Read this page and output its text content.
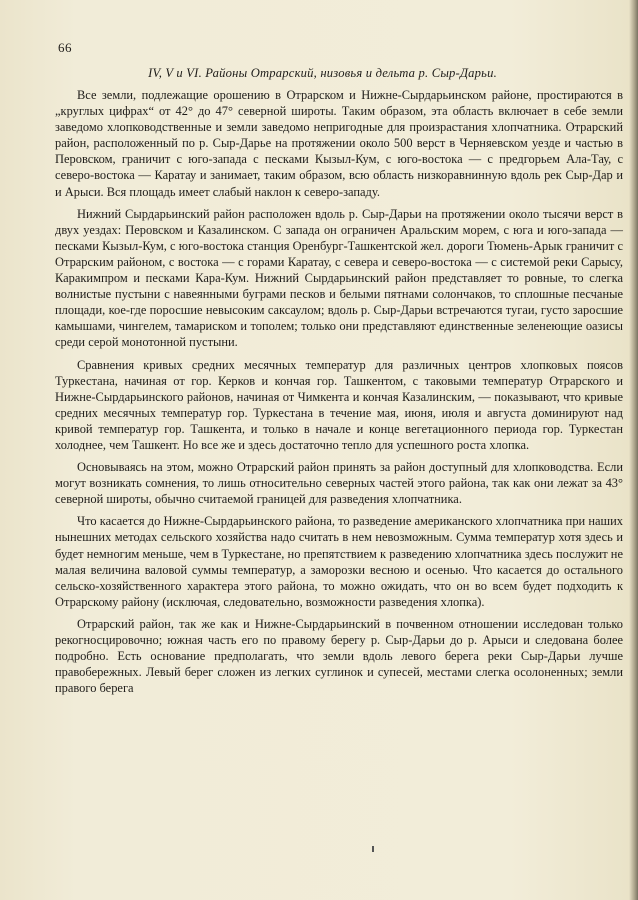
66
IV, V и VI. Районы Отрарский, низовья и дельта р. Сыр-Дарьи.

Все земли, подлежащие орошению в Отрарском и Нижне-Сырдарьинском районе, простираются в „круглых цифрах“ от 42° до 47° северной широты. Таким образом, эта область включает в себе земли заведомо хлопководственные и земли заведомо непригодные для произрастания хлопчатника. Отрарский район, расположенный по р. Сыр-Дарье на протяжении около 500 верст в Черняевском уезде и частью в Перовском, граничит с юго-запада с песками Кызыл-Кум, с юго-востока — с предгорьем Ала-Тау, с северо-востока — Каратау и занимает, таким образом, всю область низкоравнинную вдоль рек Сыр-Дар и и Арыси. Вся площадь имеет слабый наклон к северо-западу.

Нижний Сырдарьинский район расположен вдоль р. Сыр-Дарьи на протяжении около тысячи верст в двух уездах: Перовском и Казалинском. С запада он ограничен Аральским морем, с юга и юго-запада — песками Кызыл-Кум, с юго-востока станция Оренбург-Ташкентской жел. дороги Тюмень-Арык граничит с Отрарским районом, с востока — с горами Каратау, с севера и северо-востока — с системой реки Сарысу, Каракимпром и песками Кара-Кум. Нижний Сырдарьинский район представляет то ровные, то слегка волнистые пустыни с навеянными буграми песков и белыми пятнами солончаков, то сплошные песчаные площади, кое-где поросшие невысоким саксаулом; вдоль р. Сыр-Дарьи встречаются тугаи, густо заросшие камышами, чингелем, тамариском и тополем; только они представляют единственные зеленеющие оазисы среди серой монотонной пустыни.

Сравнения кривых средних месячных температур для различных центров хлопковых поясов Туркестана, начиная от гор. Керков и кончая гор. Ташкентом, с таковыми температур Отрарского и Нижне-Сырдарьинского районов, начиная от Чимкента и кончая Казалинским, — показывают, что кривые средних месячных температур гор. Туркестана в течение мая, июня, июля и августа доминируют над кривой температур гор. Ташкента, и только в начале и конце вегетационного периода гор. Туркестан холоднее, чем Ташкент. Но все же и здесь достаточно тепло для успешного роста хлопка.

Основываясь на этом, можно Отрарский район принять за район доступный для хлопководства. Если могут возникать сомнения, то лишь относительно северных частей этого района, так как они лежат за 43° северной широты, обычно считаемой границей для разведения хлопчатника.

Что касается до Нижне-Сырдарьинского района, то разведение американского хлопчатника при наших нынешних методах сельского хозяйства надо считать в нем невозможным. Сумма температур хотя здесь и будет немногим меньше, чем в Туркестане, но препятствием к разведению хлопчатника здесь послужит не малая величина валовой суммы температур, а заморозки весною и осенью. Что касается до остального сельско-хозяйственного характера этого района, то можно ожидать, что он во всем будет подходить к Отрарскому району (исключая, следовательно, возможности разведения хлопка).

Отрарский район, так же как и Нижне-Сырдарьинский в почвенном отношении исследован только рекогносцировочно; южная часть его по правому берегу р. Сыр-Дарьи до р. Арыси и следована более подробно. Есть основание предполагать, что земли вдоль левого берега реки Сыр-Дарьи лучше правобережных. Левый берег сложен из легких суглинок и супесей, местами слегка осолоненных; земли правого берега
